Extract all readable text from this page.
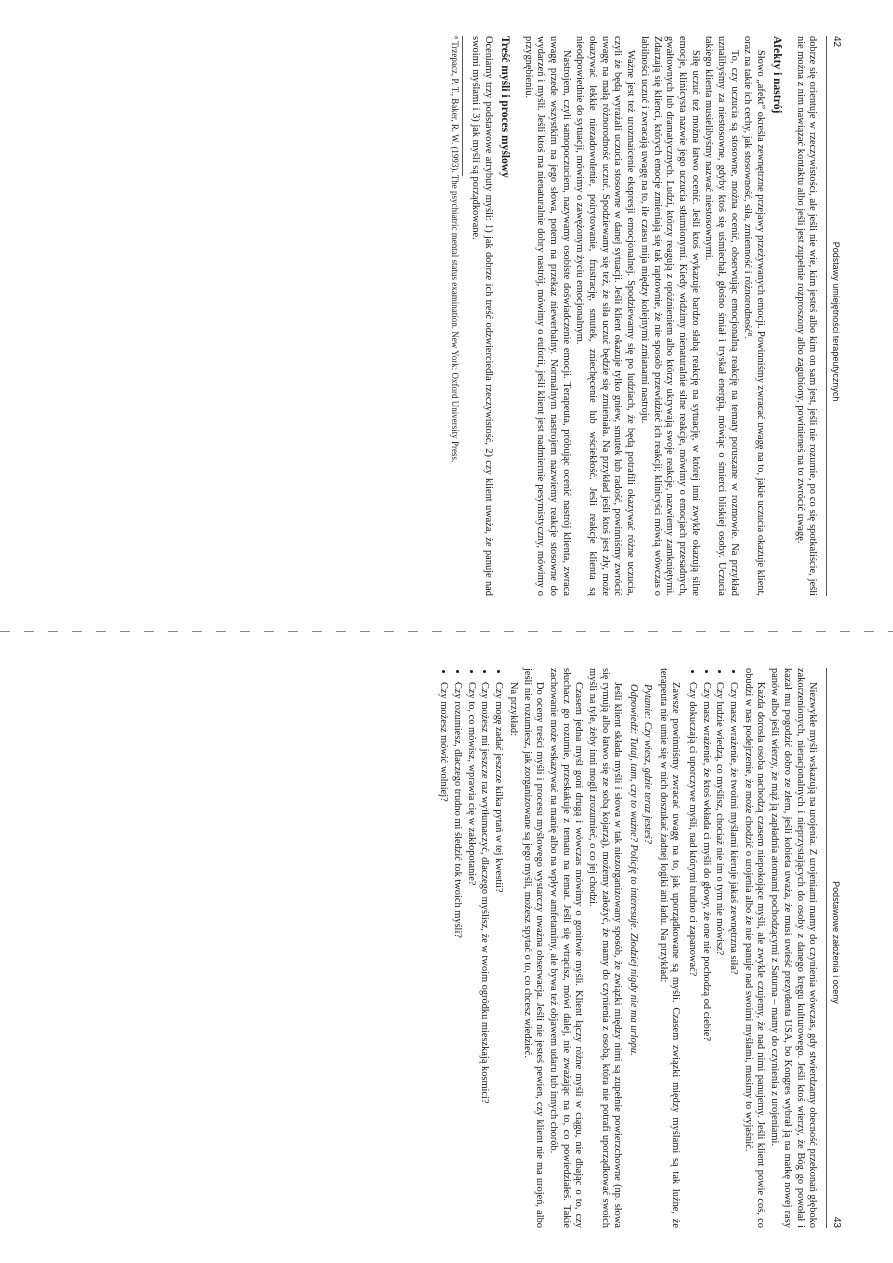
42
Podstawy umiejętności terapeutycznych

dobrze się orientuje w rzeczywistości, ale jeśli nie wie, kim jesteś albo kim on sam jest, jeśli nie rozumie, po co się spotkaliście, jeśli nie można z nim nawiązać kontaktu albo jeśli jest zupełnie rozproszony albo zagubiony, powinieneś na to zwrócić uwagę.

Afekty i nastrój

Słowo „afekt” określa zewnętrzne przejawy przeżywanych emocji. Powinniśmy zwracać uwagę na to, jakie uczucia okazuje klient, oraz na takie ich cechy, jak stosowność, siła, zmienność i różnorodność⁸.

To, czy uczucia są stosowne, można ocenić, obserwując emocjonalną reakcję na tematy poruszane w rozmowie. Na przykład uznalibyśmy za niestosowne, gdyby ktoś się uśmiechał, głośno śmiał i tryskał energią, mówiąc o śmierci bliskiej osoby. Uczucia takiego klienta musielibyśmy nazwać niestosownymi.

Siłę uczuć też można łatwo ocenić. Jeśli ktoś wykazuje bardzo słabą reakcję na sytuację, w której inni zwykle okazują silne emocje, klinicysta nazwie jego uczucia stłumionymi. Kiedy widzimy nienaturalnie silne reakcje, mówimy o emocjach przesadnych, gwałtownych lub dramatycznych. Ludzi, którzy reagują z opóźnieniem albo którzy ukrywają swoje reakcje, nazwiemy zamkniętymi. Zdarzają się klienci, których emocje zmieniają się tak raptownie, że nie sposób przewidzieć ich reakcji; klinicyści mówią wówczas o labilności uczuć i zwracają uwagę na to, ile czasu mija między kolejnymi zmianami nastroju.

Ważne jest też urozmaicenie ekspresji emocjonalnej. Spodziewamy się po ludziach, że będą potrafili okazywać różne uczucia, czyli że będą wyrażali uczucia stosowne w danej sytuacji. Jeśli klient okazuje tylko gniew, smutek lub radość, powinniśmy zwrócić uwagę na małą różnorodność uczuć. Spodziewamy się też, że siła uczuć będzie się zmieniała. Na przykład jeśli ktoś jest zły, może okazywać lekkie niezadowolenie, poirytowanie, frustrację, smutek, zniechęcenie lub wściekłość. Jeśli reakcje klienta są nieodpowiednie do sytuacji, mówimy o zawężonym życiu emocjonalnym.

Nastrojem, czyli samopoczuciem, nazywamy osobiste doświadczenie emocji. Terapeuta, próbując ocenić nastrój klienta, zwraca uwagę przede wszystkim na jego słowa, potem na przekaz niewerbalny. Normalnym nastrojem nazwiemy reakcje stosowne do wydarzeń i myśli. Jeśli ktoś ma nienaturalnie dobry nastrój, mówimy o euforii, jeśli klient jest nadmiernie pesymistyczny, mówimy o przygnębieniu.

Treść myśli i proces myślowy

Oceniamy trzy podstawowe atrybuty myśli: 1) jak dobrze ich treść odzwierciedla rzeczywistość, 2) czy klient uważa, że panuje nad swoimi myślami i 3) jak myśli są porządkowane.

⁸ Trzepacz, P. T., Baker, R. W. (1993). The psychiatric mental status examination. New York: Oxford University Press.
Podstawowe założenia i oceny
43

Niezwykłe myśli wskazują na urojenia. Z urojeniami mamy do czynienia wówczas, gdy stwierdzamy obecność przekonań głęboko zakorzenionych, nieracjonalnych i nieprzystających do osoby z danego kręgu kulturowego. Jeśli ktoś wierzy, że Bóg go powołał i kazał mu pogodzić dobro ze złem, jeśli kobieta uważa, że musi uwieść prezydenta USA, bo Kongres wybrał ją na matkę nowej rasy panów albo jeśli wierzy, że mąż ją zapładnia atomami pochodzącymi z Saturna – mamy do czynienia z urojeniami.

Każda dorosła osoba nachodzą czasem niepokojące myśli, ale zwykle czujemy, że nad nimi panujemy. Jeśli klient powie coś, co obudzi w nas podejrzenie, że może chodzić o urojenia albo że nie panuje nad swoimi myślami, musimy to wyjaśnić.

• Czy masz wrażenie, że twoimi myślami kieruje jakaś zewnętrzna siła?
• Czy ludzie wiedzą, co myślisz, chociaż nie im o tym nie mówisz?
• Czy masz wrażenie, że ktoś wkłada ci myśli do głowy, że one nie pochodzą od ciebie?
• Czy dokuczają ci uporczywe myśli, nad którymi trudno ci zapanować?

Zawsze powinniśmy zwracać uwagę na to, jak uporządkowane są myśli. Czasem związki między myślami są tak luźne, że terapeuta nie umie się w nich doszukać żadnej logiki ani ładu. Na przykład:

Pytanie: Czy wiesz, gdzie teraz jesteś?

Odpowiedź: Tutaj, tam, czy to ważne? Policję to interesuje. Złodziej nigdy nie ma urlopu.

Jeśli klient składa myśli i słowa w tak niezorganizowany sposób, że związki między nimi są zupełnie powierzchowne (np. słowa się rymują albo łatwo się ze sobą kojarzą), możemy założyć, że mamy do czynienia z osobą, która nie potrafi uporządkować swoich myśli na tyle, żeby inni mogli zrozumieć, o co jej chodzi.

Czasem jedna myśl goni drugą i wówczas mówimy o gonitwie myśli. Klient łączy różne myśli w ciągu, nie dbając o to, czy słuchacz go rozumie, przeskakuje z tematu na temat. Jeśli się wtrącisz, mówi dalej, nie zważając na to, co powiedziałeś. Takie zachowanie może wskazywać na manię albo na wpływ amfetaminy, ale bywa też objawem udaru lub innych chorób.

Do oceny treści myśli i procesu myślowego wystarczy uważna obserwacja. Jeśli nie jesteś pewien, czy klient nie ma urojeń, albo jeśli nie rozumiesz, jak zorganizowane są jego myśli, możesz spytać o to, co chcesz wiedzieć.

Na przykład:

• Czy mogę zadać jeszcze kilka pytań w tej kwestii?
• Czy możesz mi jeszcze raz wytłumaczyć, dlaczego myślisz, że w twoim ogródku mieszkają kosmici?
• Czy to, co mówisz, wprawia cię w zakłopotanie?
• Czy rozumiesz, dlaczego trudno mi śledzić tok twoich myśli?
• Czy możesz mówić wolniej?
